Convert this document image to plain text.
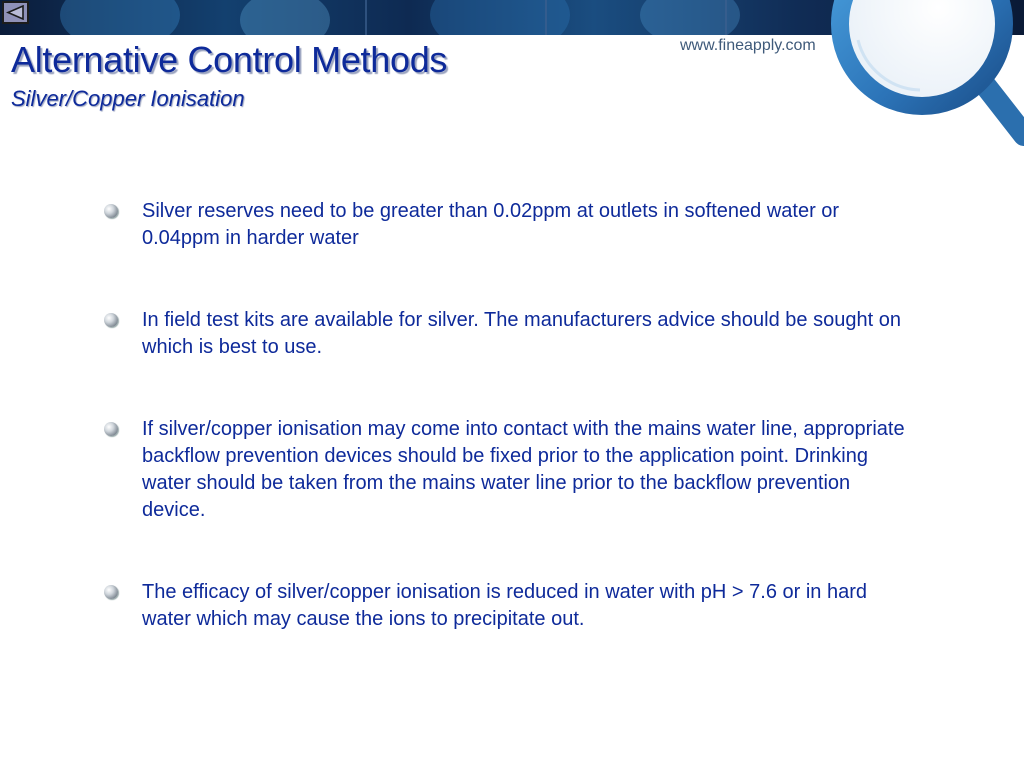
www.fineapply.com
Alternative Control Methods
Silver/Copper Ionisation
Silver reserves need to be greater than 0.02ppm at outlets in softened water or 0.04ppm in harder water
In field test kits are available for silver. The manufacturers advice should be sought on which is best to use.
If silver/copper ionisation may come into contact with the mains water line, appropriate backflow prevention devices should be fixed prior to the application point. Drinking water should be taken from the mains water line prior to the backflow prevention device.
The efficacy of silver/copper ionisation is reduced in water with pH > 7.6 or in hard water which may cause the ions to precipitate out.
